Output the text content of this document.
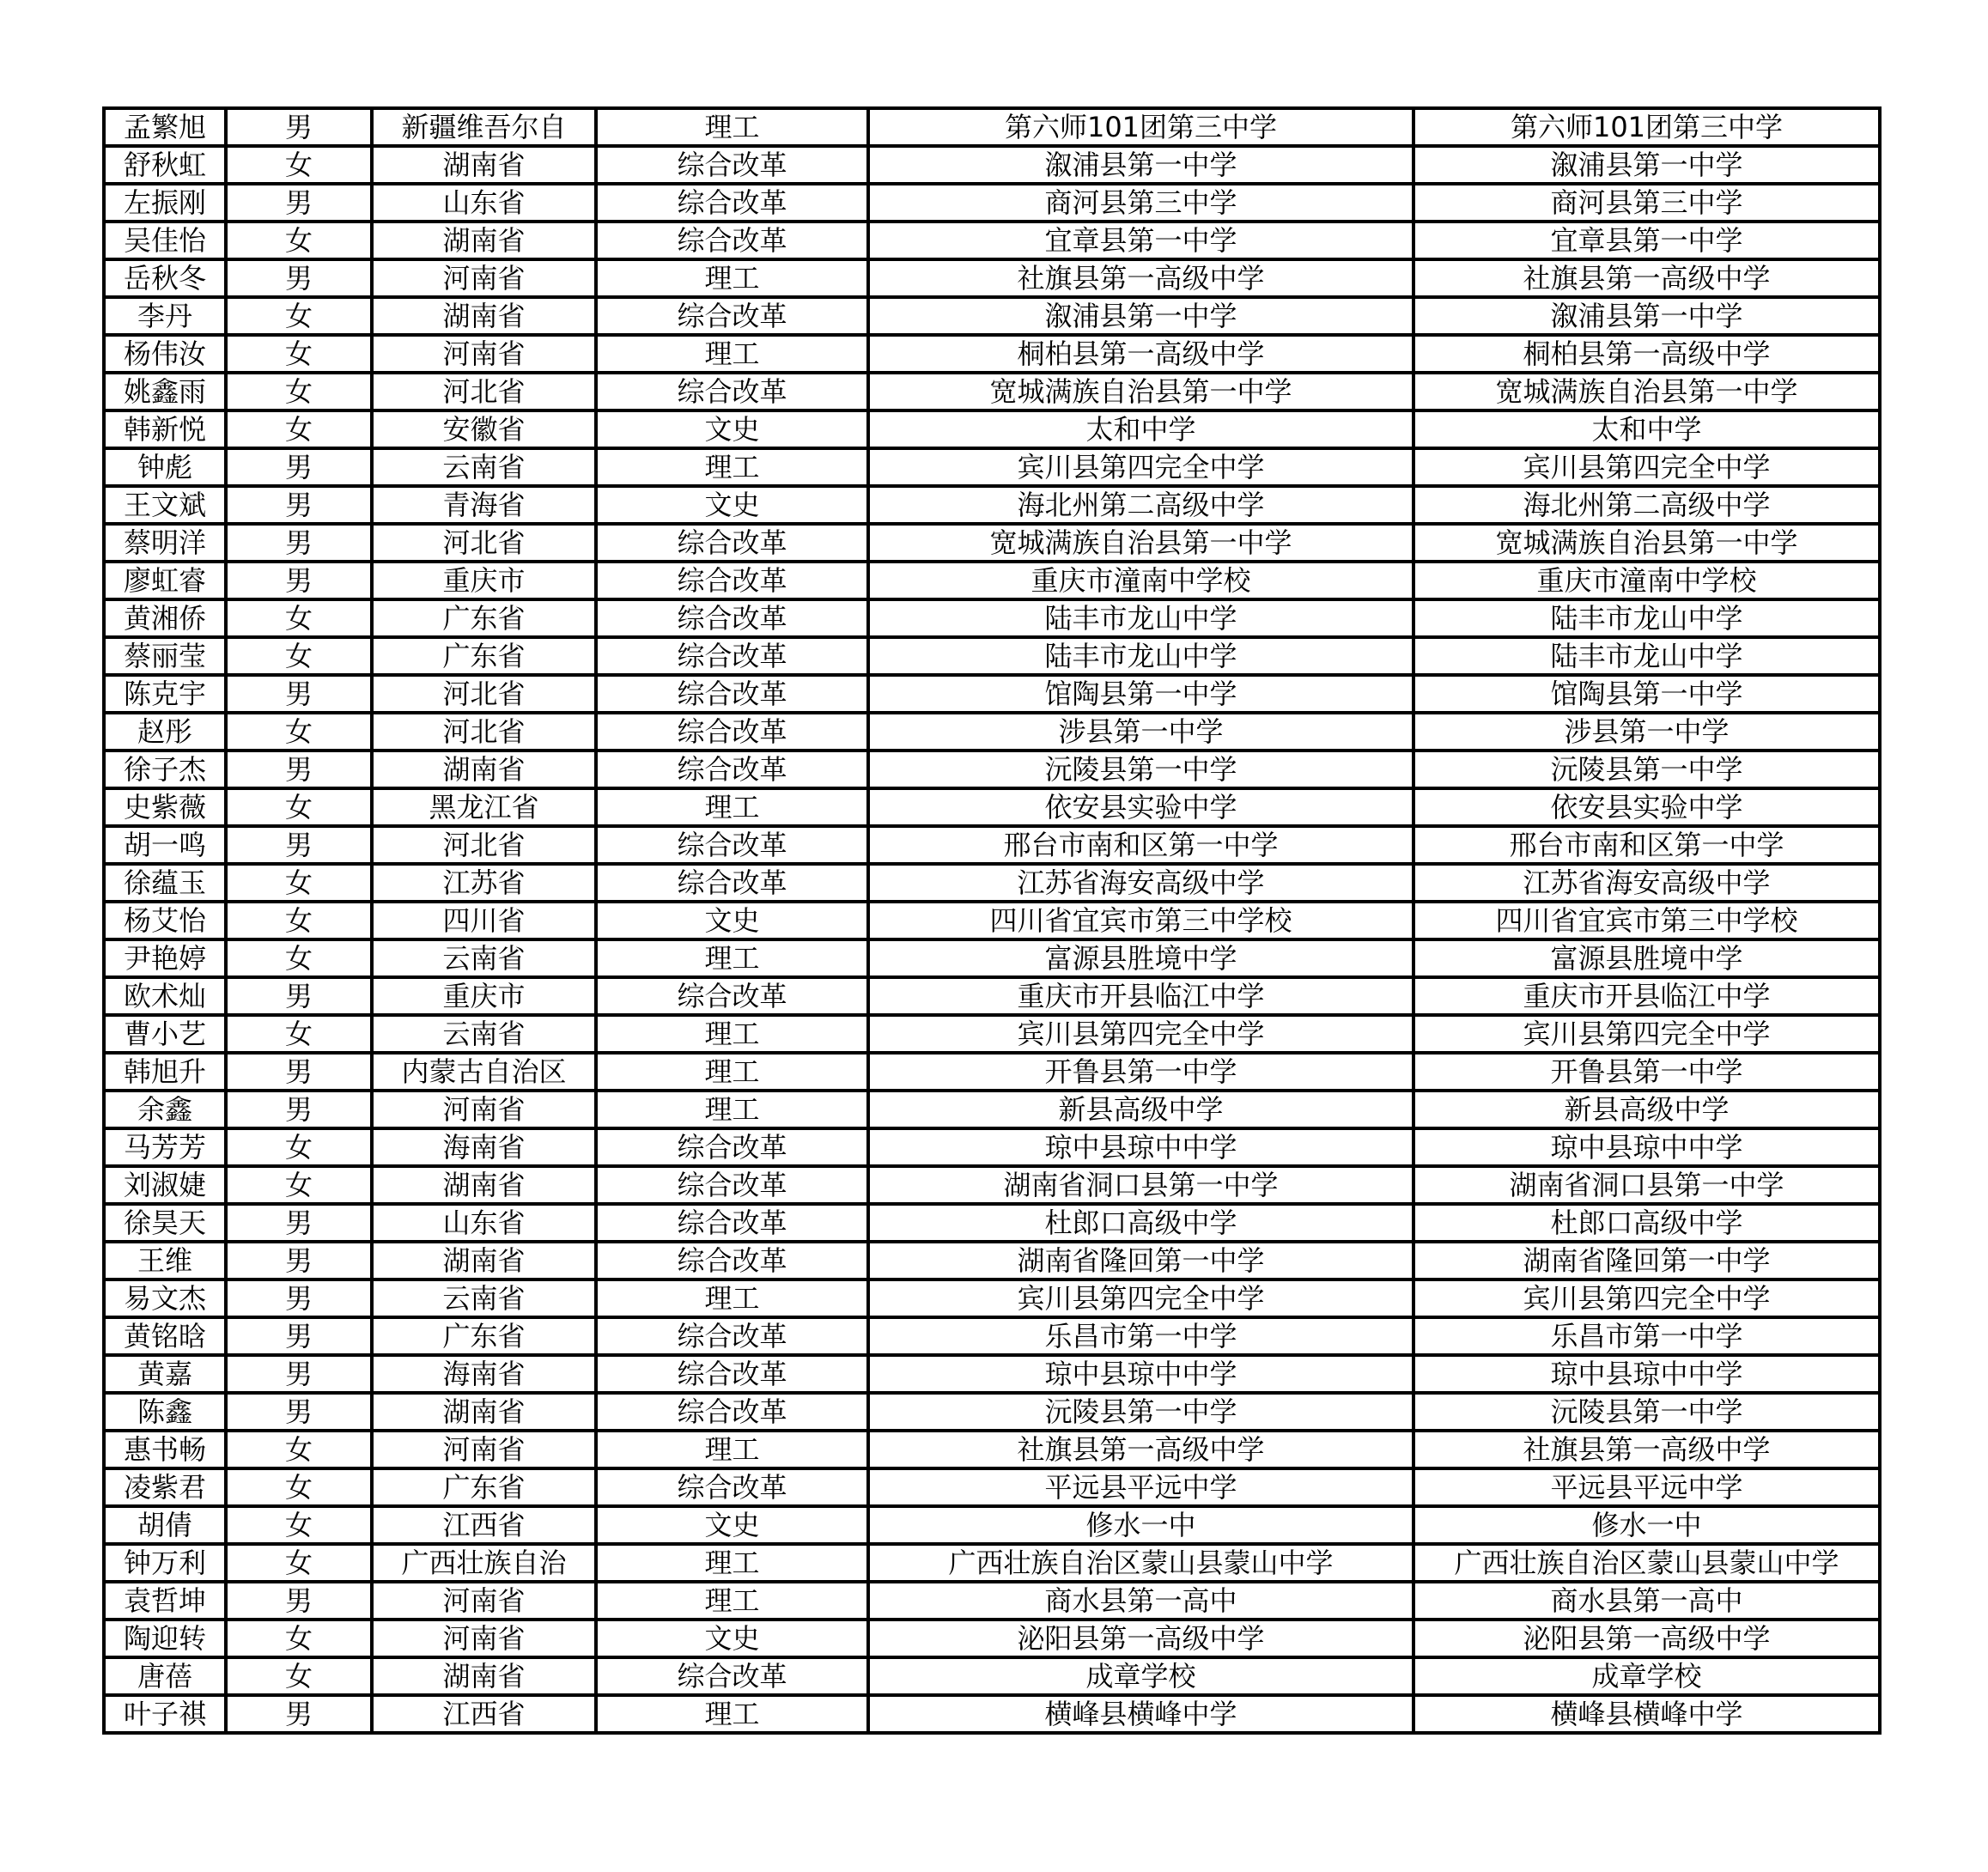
孟繁旭	男	新疆维吾尔自	理工	第六师101团第三中学	第六师101团第三中学
舒秋虹	女	湖南省	综合改革	溆浦县第一中学	溆浦县第一中学
左振刚	男	山东省	综合改革	商河县第三中学	商河县第三中学
吴佳怡	女	湖南省	综合改革	宜章县第一中学	宜章县第一中学
岳秋冬	男	河南省	理工	社旗县第一高级中学	社旗县第一高级中学
李丹	女	湖南省	综合改革	溆浦县第一中学	溆浦县第一中学
杨伟汝	女	河南省	理工	桐柏县第一高级中学	桐柏县第一高级中学
姚鑫雨	女	河北省	综合改革	宽城满族自治县第一中学	宽城满族自治县第一中学
韩新悦	女	安徽省	文史	太和中学	太和中学
钟彪	男	云南省	理工	宾川县第四完全中学	宾川县第四完全中学
王文斌	男	青海省	文史	海北州第二高级中学	海北州第二高级中学
蔡明洋	男	河北省	综合改革	宽城满族自治县第一中学	宽城满族自治县第一中学
廖虹睿	男	重庆市	综合改革	重庆市潼南中学校	重庆市潼南中学校
黄湘侨	女	广东省	综合改革	陆丰市龙山中学	陆丰市龙山中学
蔡丽莹	女	广东省	综合改革	陆丰市龙山中学	陆丰市龙山中学
陈克宇	男	河北省	综合改革	馆陶县第一中学	馆陶县第一中学
赵彤	女	河北省	综合改革	涉县第一中学	涉县第一中学
徐子杰	男	湖南省	综合改革	沅陵县第一中学	沅陵县第一中学
史紫薇	女	黑龙江省	理工	依安县实验中学	依安县实验中学
胡一鸣	男	河北省	综合改革	邢台市南和区第一中学	邢台市南和区第一中学
徐蕴玉	女	江苏省	综合改革	江苏省海安高级中学	江苏省海安高级中学
杨艾怡	女	四川省	文史	四川省宜宾市第三中学校	四川省宜宾市第三中学校
尹艳婷	女	云南省	理工	富源县胜境中学	富源县胜境中学
欧术灿	男	重庆市	综合改革	重庆市开县临江中学	重庆市开县临江中学
曹小艺	女	云南省	理工	宾川县第四完全中学	宾川县第四完全中学
韩旭升	男	内蒙古自治区	理工	开鲁县第一中学	开鲁县第一中学
余鑫	男	河南省	理工	新县高级中学	新县高级中学
马芳芳	女	海南省	综合改革	琼中县琼中中学	琼中县琼中中学
刘淑婕	女	湖南省	综合改革	湖南省洞口县第一中学	湖南省洞口县第一中学
徐昊天	男	山东省	综合改革	杜郎口高级中学	杜郎口高级中学
王维	男	湖南省	综合改革	湖南省隆回第一中学	湖南省隆回第一中学
易文杰	男	云南省	理工	宾川县第四完全中学	宾川县第四完全中学
黄铭晗	男	广东省	综合改革	乐昌市第一中学	乐昌市第一中学
黄嘉	男	海南省	综合改革	琼中县琼中中学	琼中县琼中中学
陈鑫	男	湖南省	综合改革	沅陵县第一中学	沅陵县第一中学
惠书畅	女	河南省	理工	社旗县第一高级中学	社旗县第一高级中学
凌紫君	女	广东省	综合改革	平远县平远中学	平远县平远中学
胡倩	女	江西省	文史	修水一中	修水一中
钟万利	女	广西壮族自治	理工	广西壮族自治区蒙山县蒙山中学	广西壮族自治区蒙山县蒙山中学
袁哲坤	男	河南省	理工	商水县第一高中	商水县第一高中
陶迎转	女	河南省	文史	泌阳县第一高级中学	泌阳县第一高级中学
唐蓓	女	湖南省	综合改革	成章学校	成章学校
叶子祺	男	江西省	理工	横峰县横峰中学	横峰县横峰中学
